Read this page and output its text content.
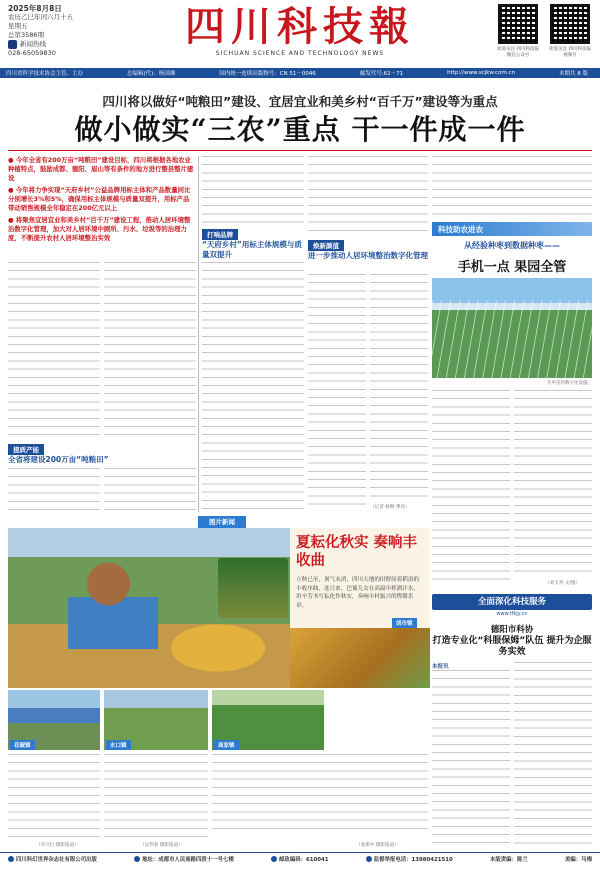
2025年8月8日
农历乙巳年闰六月十五
星期五
总第3586期
新闻热线
028-65059830
四川科技報
SICHUAN SCIENCE AND TECHNOLOGY NEWS
欢迎关注 四川科技报微信公众号
欢迎关注 四川科技报视频号
四川省科学技术协会主管、主办	总编辑(代)：杨国湘	国内统一连续出版物号：CN 51－0046	邮发代号:61－71	http://www.scjkw.com.cn	本期共 8 版
四川将以做好“吨粮田”建设、宜居宜业和美乡村“百千万”建设等为重点
做小做实“三农”重点 干一件成一件

● 今年全省有200万亩“吨粮田”建设目标，四川将根据各地农业种植特点，鼓励成都、德阳、眉山等有条件的地方进行整县整片建设

● 今年将力争实现“天府乡村”公益品牌用标主体和产品数量同比分别增长3%和5%，确保用标主体规模与质量双提升，用标产品带动销售规模全年稳定在200亿元以上

● 将聚焦宜居宜业和美乡村“百千万”建设工程，推动人居环境整治数字化管理，加大对人居环境中厕所、污水、垃圾等的治理力度，不断提升农村人居环境整治实效

提质产能
全省将建设200万亩“吨粮田”
打响品牌
“天府乡村”用标主体规模与质量双提升
焕新颜值
进一步推动人居环境整治数字化管理
（记者 杨继 季亮）
科技助农进农
从经验种枣到数据种枣——
手机一点 果园全管
冬枣苗的数字化设施。
（刘玉琴 文/图）
图片新闻
夏耘化秋实 奏响丰收曲
立秋已至，暑气未消，四川大地的田野间着稻浪的丰收序曲，连日来，巴蜀儿女在高温中挥洒汗水，用辛劳书写耘化作秋实，奏响丰村振兴的铿锵乐章。
胡市镇
花椒镇	水口镇	高家镇
（李兴灯 摄影报道）	（吴伟春 摄影报道）	（张新中 摄影报道）
全面深化科技服务
www.tfkjy.cn
德阳市科协
打造专业化“科服保姆”队伍 提升为企服务实效
本报讯
四川科幻世界杂志社有限公司出版	地址：成都市人民南路四段十一号七楼	邮政编码：610041	监督举报电话：13980421510	本版责编：陈兰	美编：马梅
